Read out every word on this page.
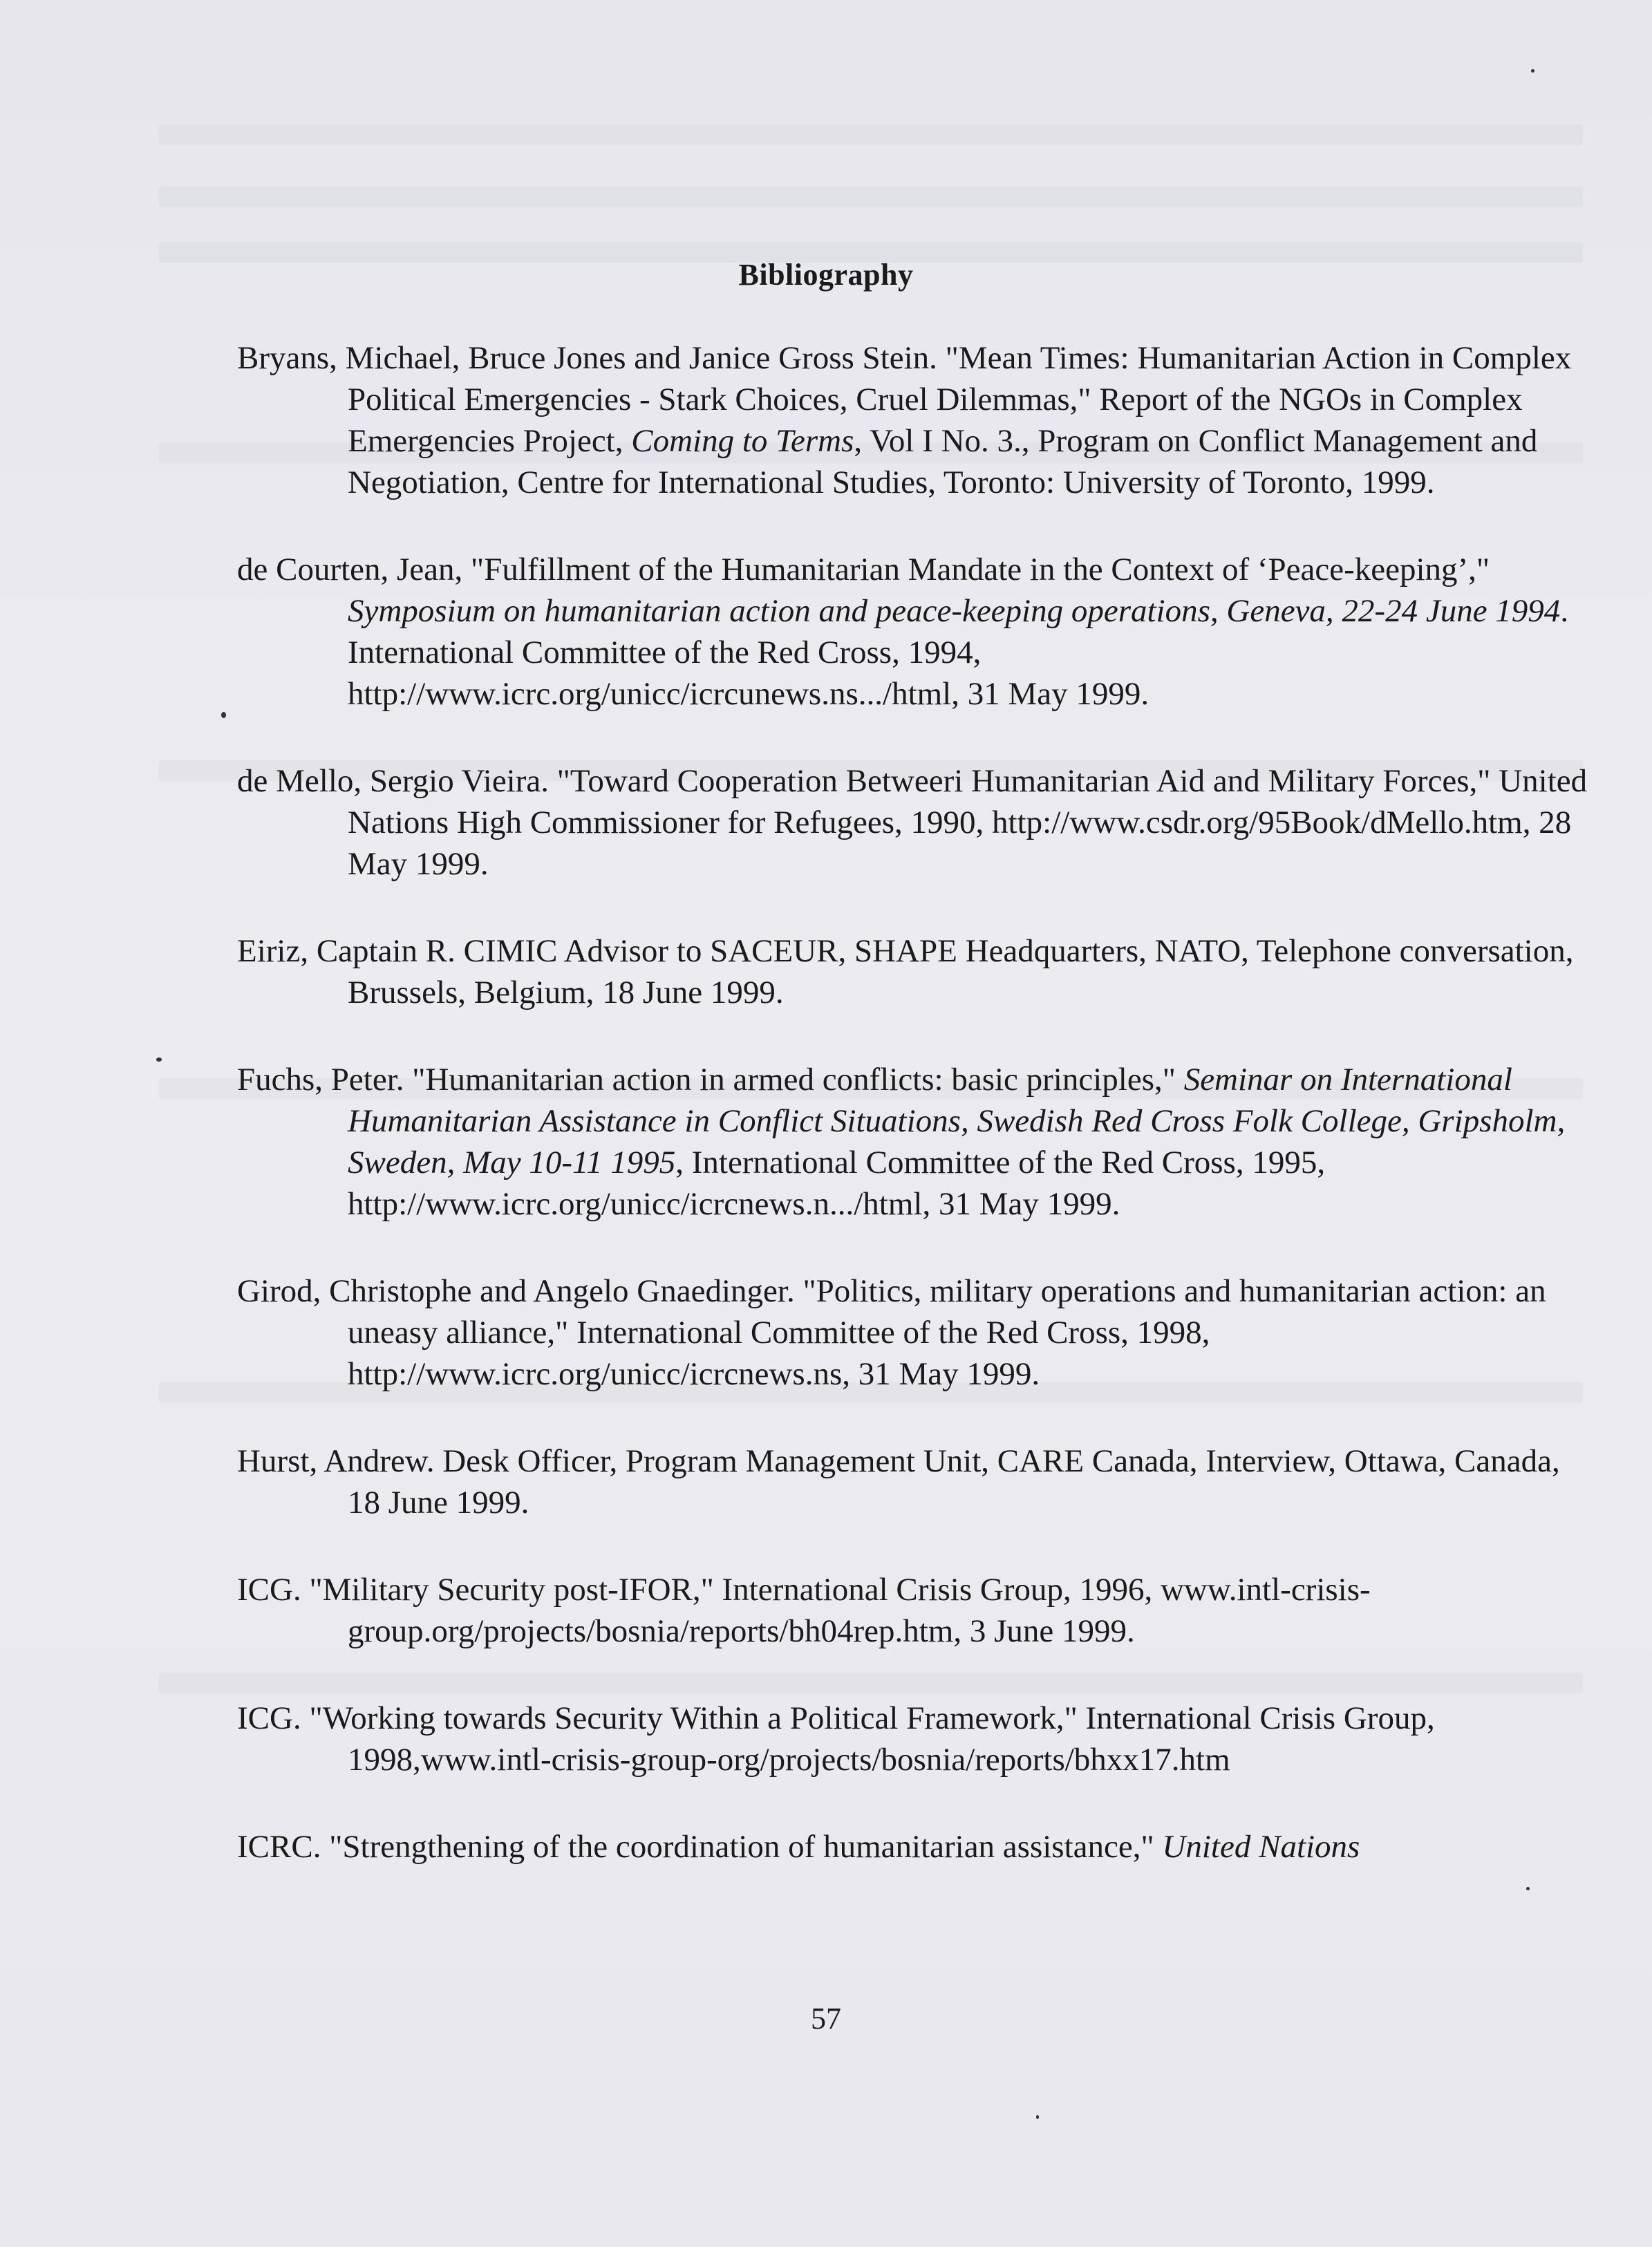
Bibliography

Bryans, Michael, Bruce Jones and Janice Gross Stein. "Mean Times: Humanitarian Action in Complex Political Emergencies - Stark Choices, Cruel Dilemmas," Report of the NGOs in Complex Emergencies Project, Coming to Terms, Vol I No. 3., Program on Conflict Management and Negotiation, Centre for International Studies, Toronto: University of Toronto, 1999.

de Courten, Jean, "Fulfillment of the Humanitarian Mandate in the Context of ‘Peace-keeping’," Symposium on humanitarian action and peace-keeping operations, Geneva, 22-24 June 1994. International Committee of the Red Cross, 1994, http://www.icrc.org/unicc/icrcunews.ns.../html, 31 May 1999.

de Mello, Sergio Vieira. "Toward Cooperation Betweeri Humanitarian Aid and Military Forces," United Nations High Commissioner for Refugees, 1990, http://www.csdr.org/95Book/dMello.htm, 28 May 1999.

Eiriz, Captain R. CIMIC Advisor to SACEUR, SHAPE Headquarters, NATO, Telephone conversation, Brussels, Belgium, 18 June 1999.

Fuchs, Peter. "Humanitarian action in armed conflicts: basic principles," Seminar on International Humanitarian Assistance in Conflict Situations, Swedish Red Cross Folk College, Gripsholm, Sweden, May 10-11 1995, International Committee of the Red Cross, 1995, http://www.icrc.org/unicc/icrcnews.n.../html, 31 May 1999.

Girod, Christophe and Angelo Gnaedinger. "Politics, military operations and humanitarian action: an uneasy alliance," International Committee of the Red Cross, 1998, http://www.icrc.org/unicc/icrcnews.ns, 31 May 1999.

Hurst, Andrew. Desk Officer, Program Management Unit, CARE Canada, Interview, Ottawa, Canada, 18 June 1999.

ICG. "Military Security post-IFOR," International Crisis Group, 1996, www.intl-crisis-group.org/projects/bosnia/reports/bh04rep.htm, 3 June 1999.

ICG. "Working towards Security Within a Political Framework," International Crisis Group, 1998,www.intl-crisis-group-org/projects/bosnia/reports/bhxx17.htm

ICRC. "Strengthening of the coordination of humanitarian assistance," United Nations

57
